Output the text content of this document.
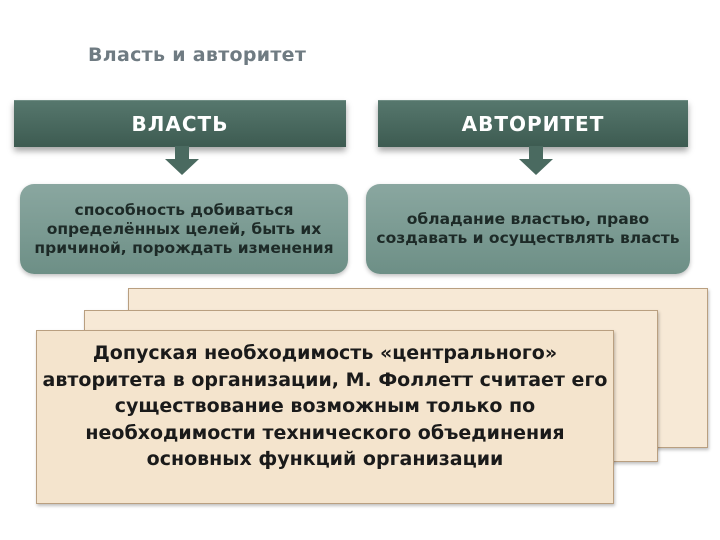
Власть и авторитет
ВЛАСТЬ	АВТОРИТЕТ
способность добиваться определённых целей, быть их причиной, порождать изменения
обладание властью, право создавать и осуществлять власть
Допуская необходимость «центрального» авторитета в организации, М. Фоллетт считает его существование возможным только по необходимости технического объединения основных функций организации
